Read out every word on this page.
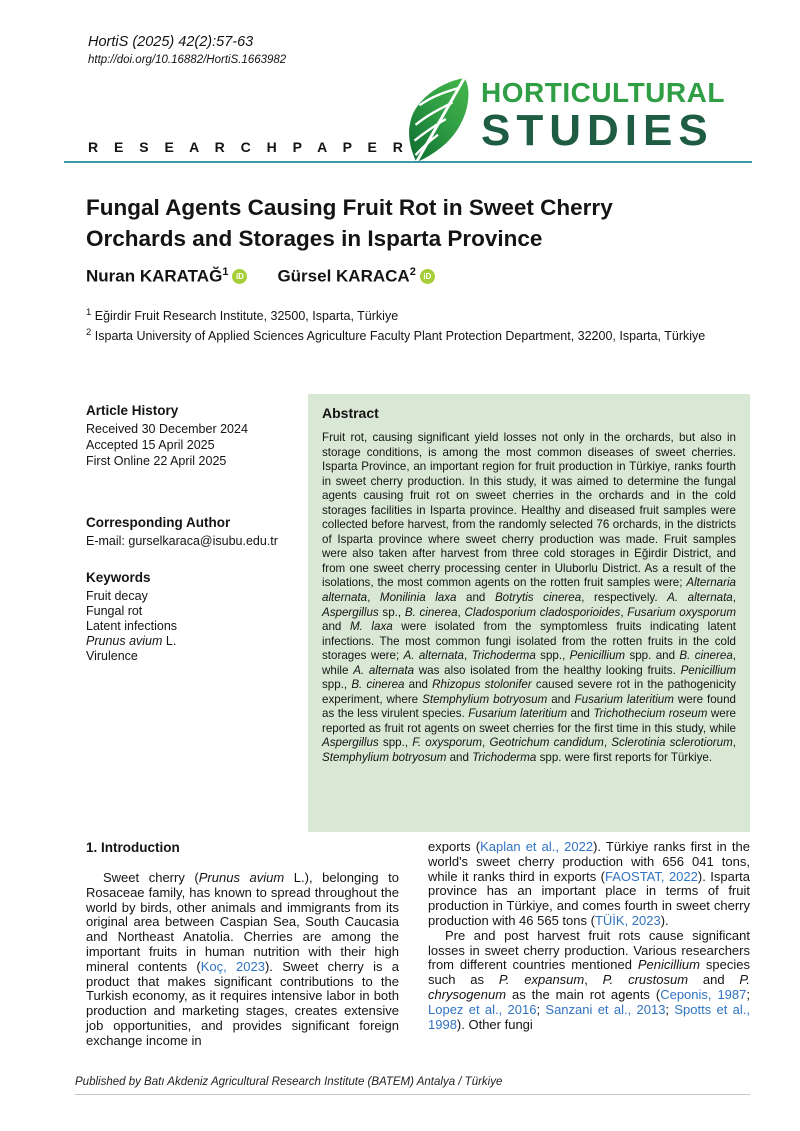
HortiS (2025) 42(2):57-63
http://doi.org/10.16882/HortiS.1663982
HORTICULTURAL
STUDIES
R E S E A R C H P A P E R
Fungal Agents Causing Fruit Rot in Sweet Cherry Orchards and Storages in Isparta Province
Nuran KARATAĞ$^1$ iD Gürsel KARACA$^2$ iD
$^1$ Eğirdir Fruit Research Institute, 32500, Isparta, Türkiye
$^2$ Isparta University of Applied Sciences Agriculture Faculty Plant Protection Department, 32200, Isparta, Türkiye
Article History
Received 30 December 2024
Accepted 15 April 2025
First Online 22 April 2025
Corresponding Author
E-mail: gurselkaraca@isubu.edu.tr
Keywords
Fruit decay
Fungal rot
Latent infections
Prunus avium L.
Virulence
Abstract

Fruit rot, causing significant yield losses not only in the orchards, but also in storage conditions, is among the most common diseases of sweet cherries. Isparta Province, an important region for fruit production in Türkiye, ranks fourth in sweet cherry production. In this study, it was aimed to determine the fungal agents causing fruit rot on sweet cherries in the orchards and in the cold storages facilities in Isparta province. Healthy and diseased fruit samples were collected before harvest, from the randomly selected 76 orchards, in the districts of Isparta province where sweet cherry production was made. Fruit samples were also taken after harvest from three cold storages in Eğirdir District, and from one sweet cherry processing center in Uluborlu District. As a result of the isolations, the most common agents on the rotten fruit samples were; Alternaria alternata, Monilinia laxa and Botrytis cinerea, respectively. A. alternata, Aspergillus sp., B. cinerea, Cladosporium cladosporioides, Fusarium oxysporum and M. laxa were isolated from the symptomless fruits indicating latent infections. The most common fungi isolated from the rotten fruits in the cold storages were; A. alternata, Trichoderma spp., Penicillium spp. and B. cinerea, while A. alternata was also isolated from the healthy looking fruits. Penicillium spp., B. cinerea and Rhizopus stolonifer caused severe rot in the pathogenicity experiment, where Stemphylium botryosum and Fusarium lateritium were found as the less virulent species. Fusarium lateritium and Trichothecium roseum were reported as fruit rot agents on sweet cherries for the first time in this study, while Aspergillus spp., F. oxysporum, Geotrichum candidum, Sclerotinia sclerotiorum, Stemphylium botryosum and Trichoderma spp. were first reports for Türkiye.

1. Introduction

Sweet cherry (Prunus avium L.), belonging to Rosaceae family, has known to spread throughout the world by birds, other animals and immigrants from its original area between Caspian Sea, South Caucasia and Northeast Anatolia. Cherries are among the important fruits in human nutrition with their high mineral contents (Koç, 2023). Sweet cherry is a product that makes significant contributions to the Turkish economy, as it requires intensive labor in both production and marketing stages, creates extensive job opportunities, and provides significant foreign exchange income in

exports (Kaplan et al., 2022). Türkiye ranks first in the world's sweet cherry production with 656 041 tons, while it ranks third in exports (FAOSTAT, 2022). Isparta province has an important place in terms of fruit production in Türkiye, and comes fourth in sweet cherry production with 46 565 tons (TÜİK, 2023).

Pre and post harvest fruit rots cause significant losses in sweet cherry production. Various researchers from different countries mentioned Penicillium species such as P. expansum, P. crustosum and P. chrysogenum as the main rot agents (Ceponis, 1987; Lopez et al., 2016; Sanzani et al., 2013; Spotts et al., 1998). Other fungi

Published by Batı Akdeniz Agricultural Research Institute (BATEM) Antalya / Türkiye
